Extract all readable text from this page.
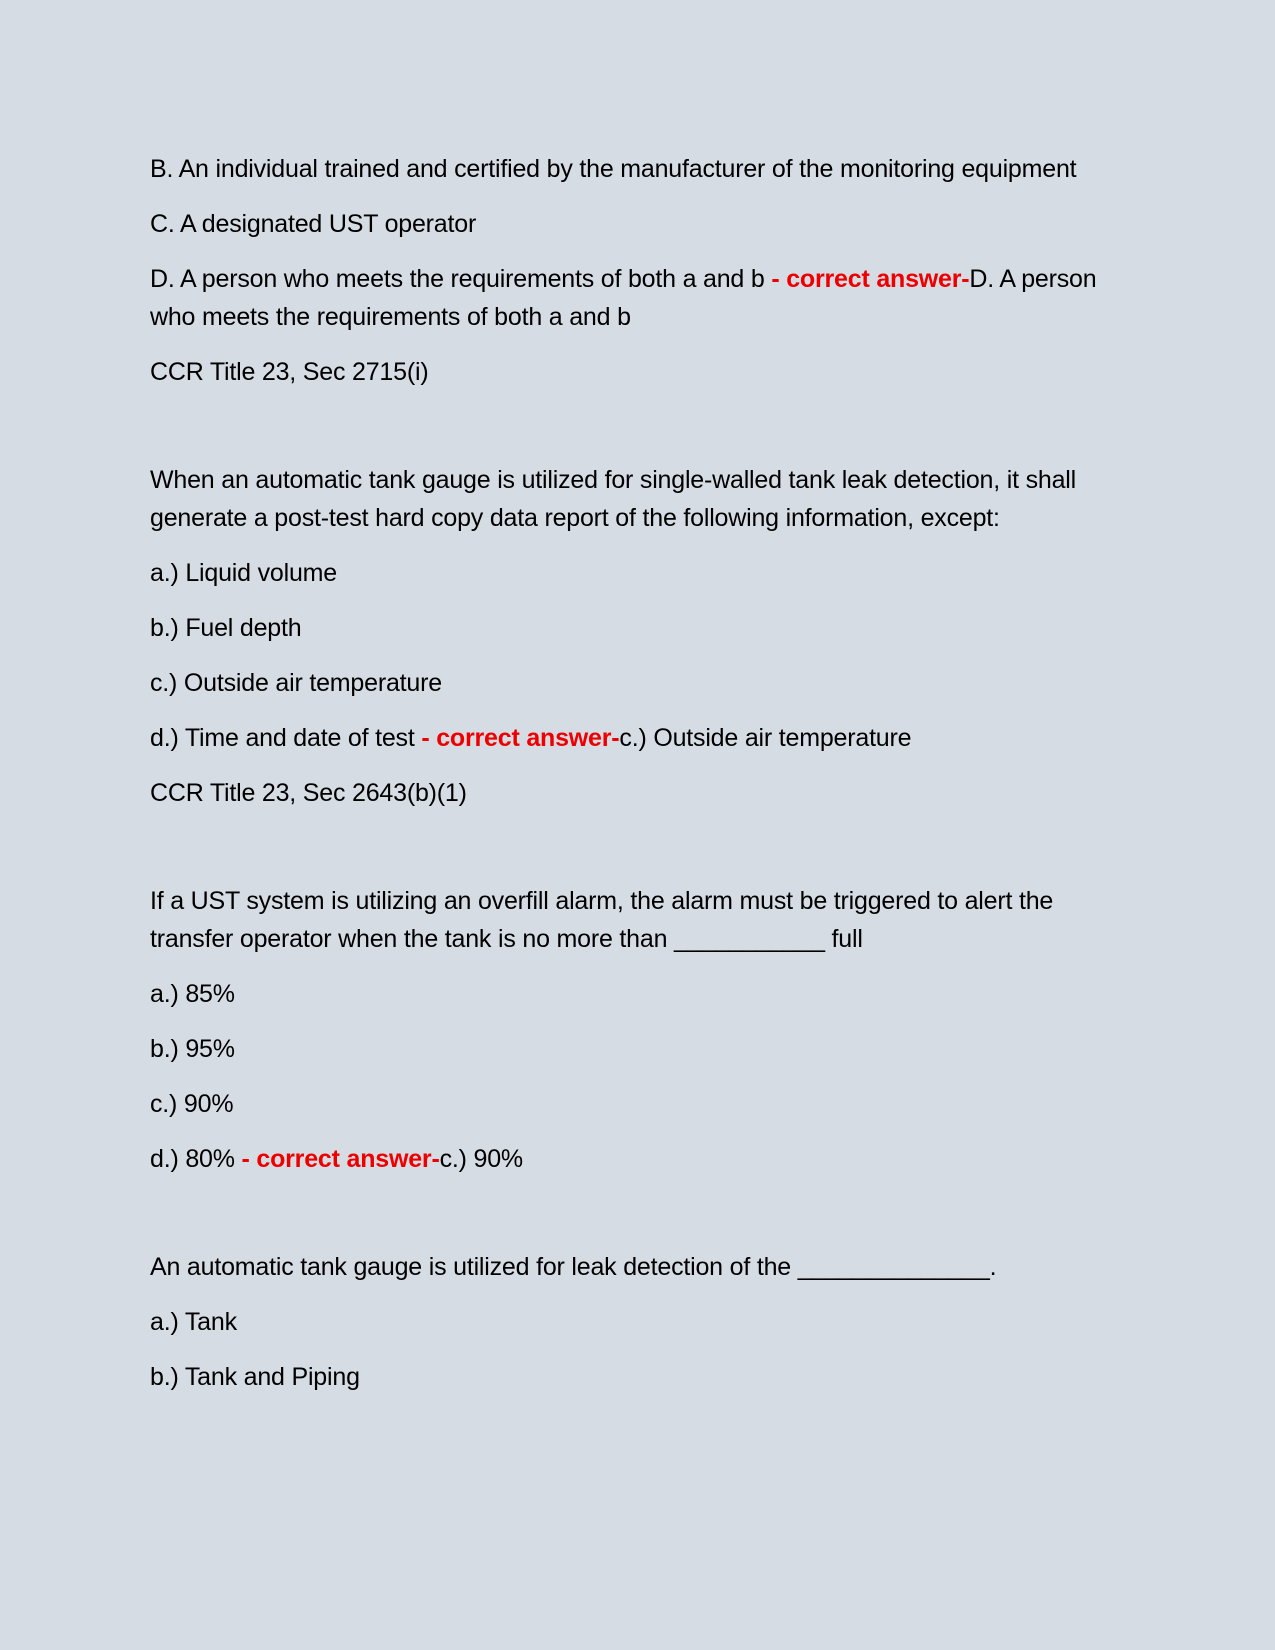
B. An individual trained and certified by the manufacturer of the monitoring equipment

C. A designated UST operator

D. A person who meets the requirements of both a and b - correct answer-D. A person who meets the requirements of both a and b

CCR Title 23, Sec 2715(i)

When an automatic tank gauge is utilized for single-walled tank leak detection, it shall generate a post-test hard copy data report of the following information, except:

a.) Liquid volume

b.) Fuel depth

c.) Outside air temperature

d.) Time and date of test - correct answer-c.) Outside air temperature

CCR Title 23, Sec 2643(b)(1)

If a UST system is utilizing an overfill alarm, the alarm must be triggered to alert the transfer operator when the tank is no more than ___________ full

a.) 85%

b.) 95%

c.) 90%

d.) 80% - correct answer-c.) 90%

An automatic tank gauge is utilized for leak detection of the ______________.

a.) Tank

b.) Tank and Piping
